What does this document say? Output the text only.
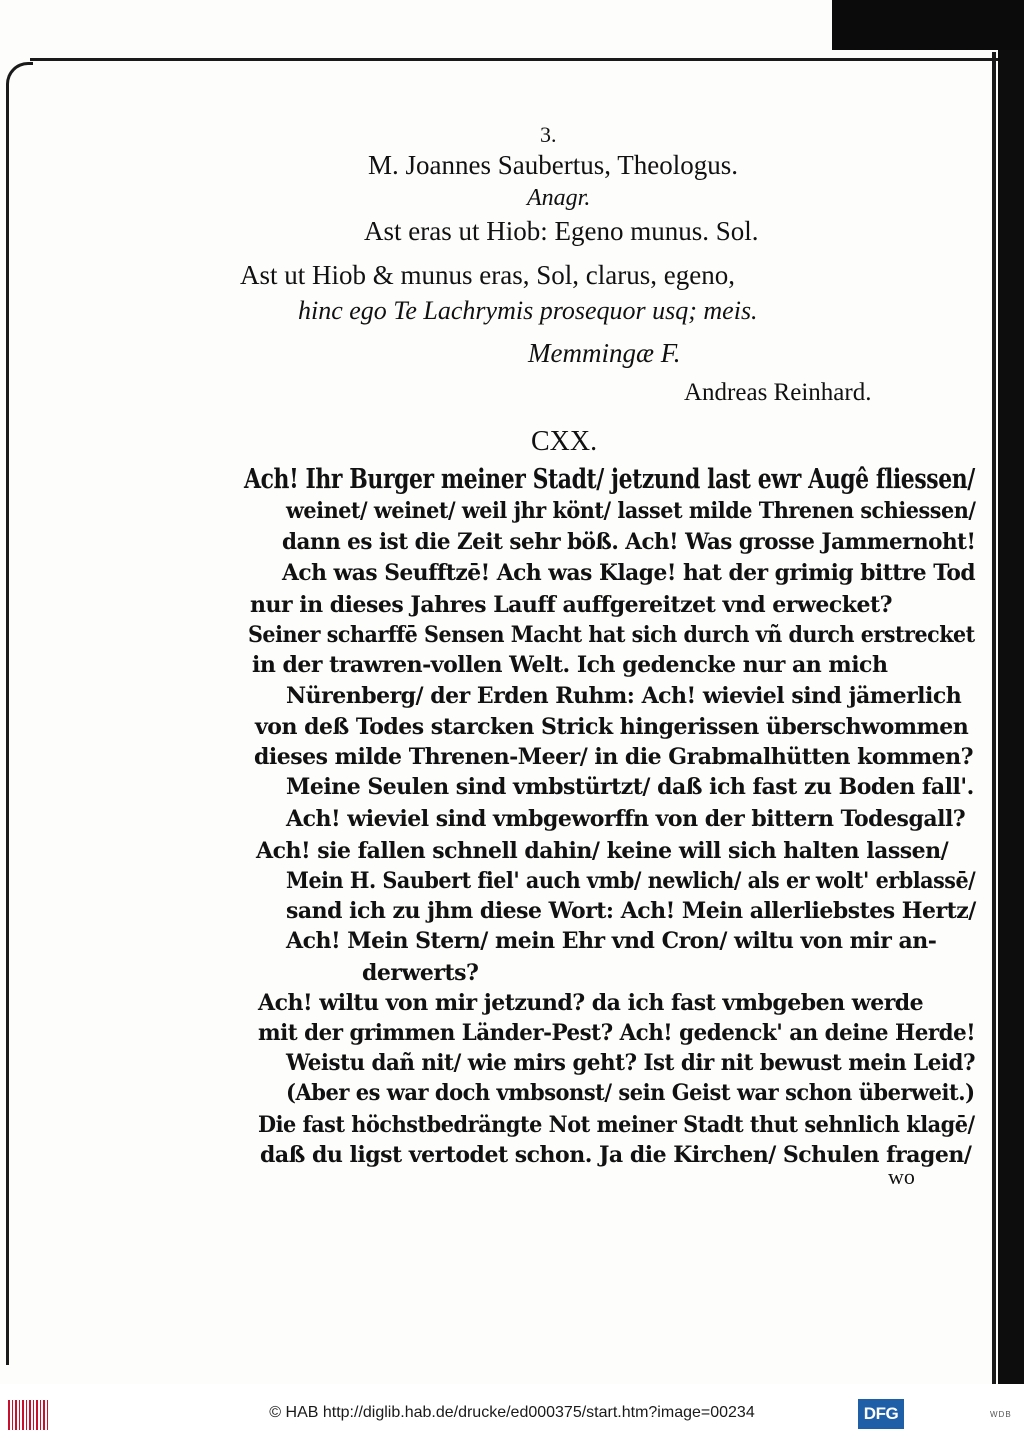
3.
M. Joannes Saubertus, Theologus.
Anagr.
Ast eras ut Hiob: Egeno munus. Sol.
Ast ut Hiob & munus eras, Sol, clarus, egeno,
hinc ego Te Lachrymis prosequor usq; meis.
Memmingæ F.
Andreas Reinhard.
CXX.
Ach! Ihr Burger meiner Stadt/ jetzund last ewr Augê fliessen/
weinet/ weinet/ weil jhr könt/ lasset milde Threnen schiessen/
dann es ist die Zeit sehr böß. Ach! Was grosse Jammernoht!
Ach was Seufftzē! Ach was Klage! hat der grimig bittre Tod
nur in dieses Jahres Lauff auffgereitzet vnd erwecket?
Seiner scharffē Sensen Macht hat sich durch vñ durch erstrecket
in der trawren-vollen Welt. Ich gedencke nur an mich
Nürenberg/ der Erden Ruhm: Ach! wieviel sind jämerlich
von deß Todes starcken Strick hingerissen überschwommen
dieses milde Threnen-Meer/ in die Grabmalhütten kommen?
Meine Seulen sind vmbstürtzt/ daß ich fast zu Boden fall'.
Ach! wieviel sind vmbgeworffn von der bittern Todesgall?
Ach! sie fallen schnell dahin/ keine will sich halten lassen/
Mein H. Saubert fiel' auch vmb/ newlich/ als er wolt' erblassē/
sand ich zu jhm diese Wort: Ach! Mein allerliebstes Hertz/
Ach! Mein Stern/ mein Ehr vnd Cron/ wiltu von mir an-
derwerts?
Ach! wiltu von mir jetzund? da ich fast vmbgeben werde
mit der grimmen Länder-Pest? Ach! gedenck' an deine Herde!
Weistu dañ nit/ wie mirs geht? Ist dir nit bewust mein Leid?
(Aber es war doch vmbsonst/ sein Geist war schon überweit.)
Die fast höchstbedrängte Not meiner Stadt thut sehnlich klagē/
daß du ligst vertodet schon. Ja die Kirchen/ Schulen fragen/
wo
© HAB http://diglib.hab.de/drucke/ed000375/start.htm?image=00234	DFG	WDB
